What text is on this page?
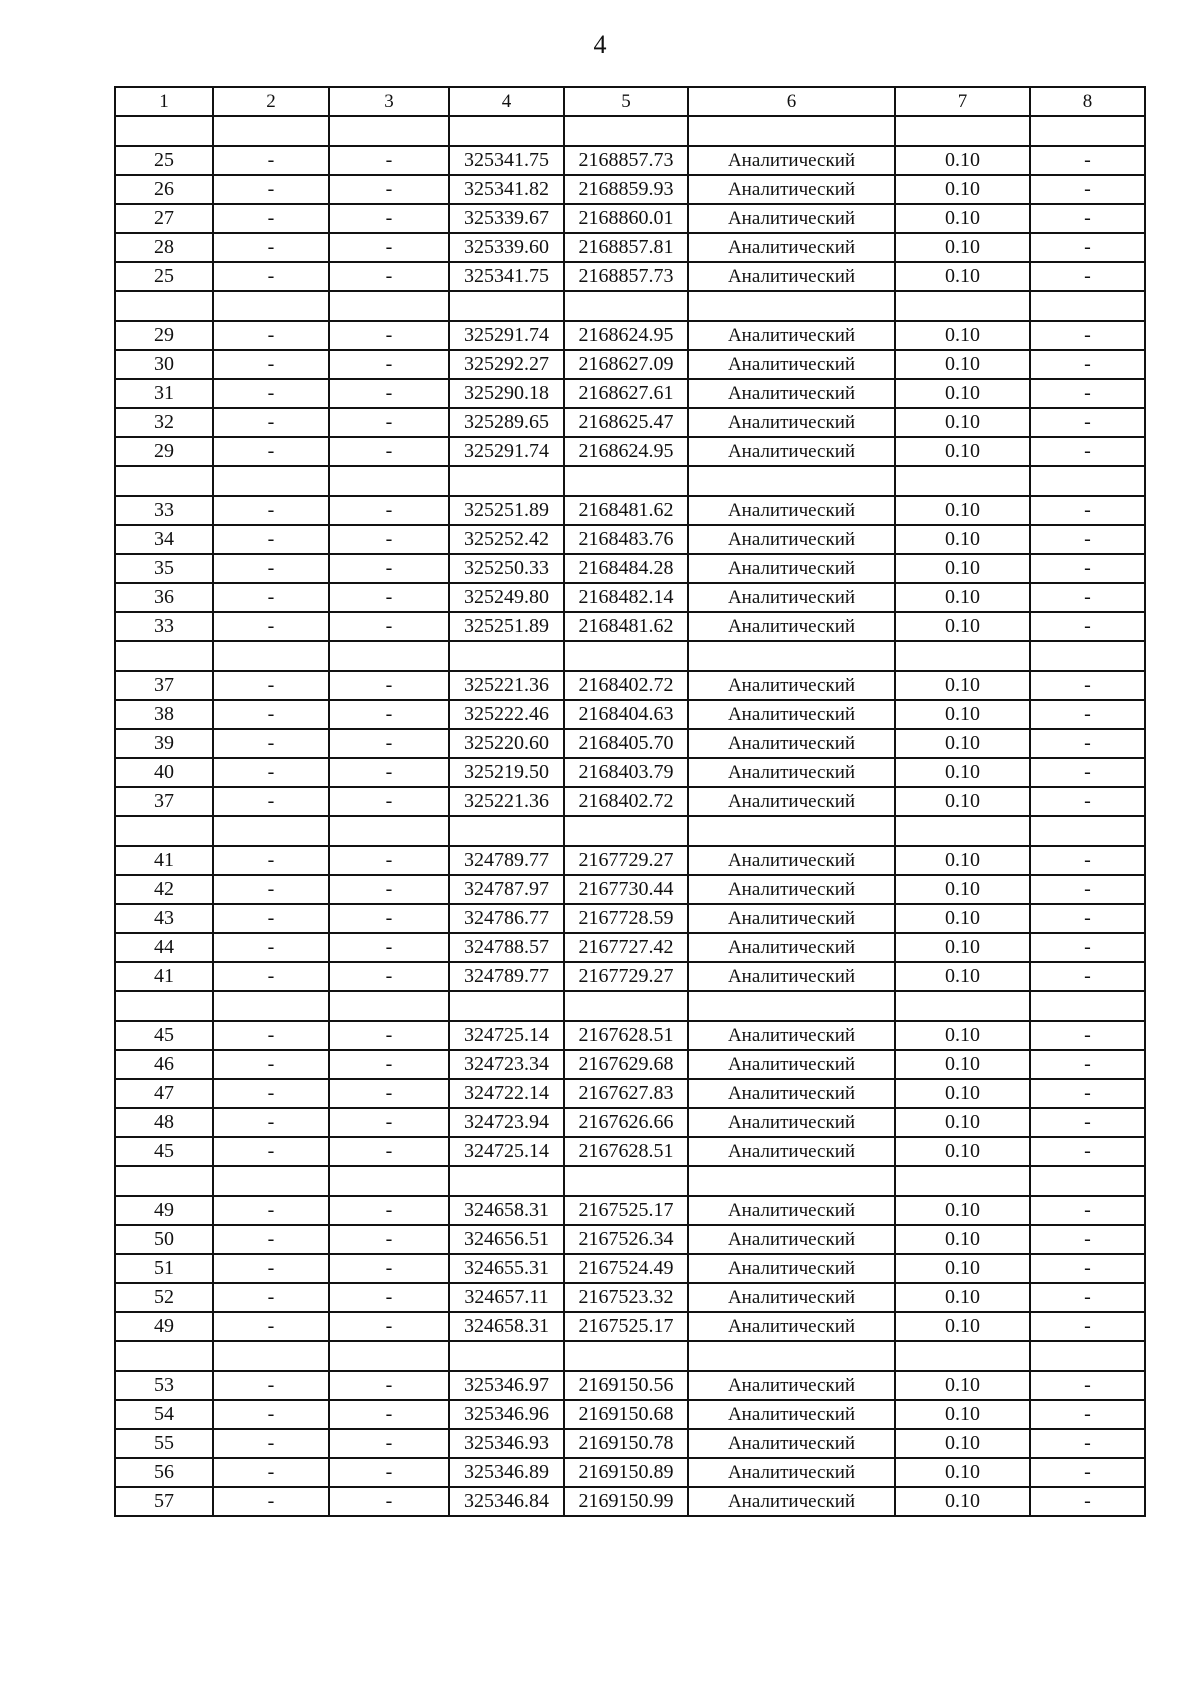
4
1	2	3	4	5	6	7	8

25	-	-	325341.75	2168857.73	Аналитический	0.10	-
26	-	-	325341.82	2168859.93	Аналитический	0.10	-
27	-	-	325339.67	2168860.01	Аналитический	0.10	-
28	-	-	325339.60	2168857.81	Аналитический	0.10	-
25	-	-	325341.75	2168857.73	Аналитический	0.10	-

29	-	-	325291.74	2168624.95	Аналитический	0.10	-
30	-	-	325292.27	2168627.09	Аналитический	0.10	-
31	-	-	325290.18	2168627.61	Аналитический	0.10	-
32	-	-	325289.65	2168625.47	Аналитический	0.10	-
29	-	-	325291.74	2168624.95	Аналитический	0.10	-

33	-	-	325251.89	2168481.62	Аналитический	0.10	-
34	-	-	325252.42	2168483.76	Аналитический	0.10	-
35	-	-	325250.33	2168484.28	Аналитический	0.10	-
36	-	-	325249.80	2168482.14	Аналитический	0.10	-
33	-	-	325251.89	2168481.62	Аналитический	0.10	-

37	-	-	325221.36	2168402.72	Аналитический	0.10	-
38	-	-	325222.46	2168404.63	Аналитический	0.10	-
39	-	-	325220.60	2168405.70	Аналитический	0.10	-
40	-	-	325219.50	2168403.79	Аналитический	0.10	-
37	-	-	325221.36	2168402.72	Аналитический	0.10	-

41	-	-	324789.77	2167729.27	Аналитический	0.10	-
42	-	-	324787.97	2167730.44	Аналитический	0.10	-
43	-	-	324786.77	2167728.59	Аналитический	0.10	-
44	-	-	324788.57	2167727.42	Аналитический	0.10	-
41	-	-	324789.77	2167729.27	Аналитический	0.10	-

45	-	-	324725.14	2167628.51	Аналитический	0.10	-
46	-	-	324723.34	2167629.68	Аналитический	0.10	-
47	-	-	324722.14	2167627.83	Аналитический	0.10	-
48	-	-	324723.94	2167626.66	Аналитический	0.10	-
45	-	-	324725.14	2167628.51	Аналитический	0.10	-

49	-	-	324658.31	2167525.17	Аналитический	0.10	-
50	-	-	324656.51	2167526.34	Аналитический	0.10	-
51	-	-	324655.31	2167524.49	Аналитический	0.10	-
52	-	-	324657.11	2167523.32	Аналитический	0.10	-
49	-	-	324658.31	2167525.17	Аналитический	0.10	-

53	-	-	325346.97	2169150.56	Аналитический	0.10	-
54	-	-	325346.96	2169150.68	Аналитический	0.10	-
55	-	-	325346.93	2169150.78	Аналитический	0.10	-
56	-	-	325346.89	2169150.89	Аналитический	0.10	-
57	-	-	325346.84	2169150.99	Аналитический	0.10	-
